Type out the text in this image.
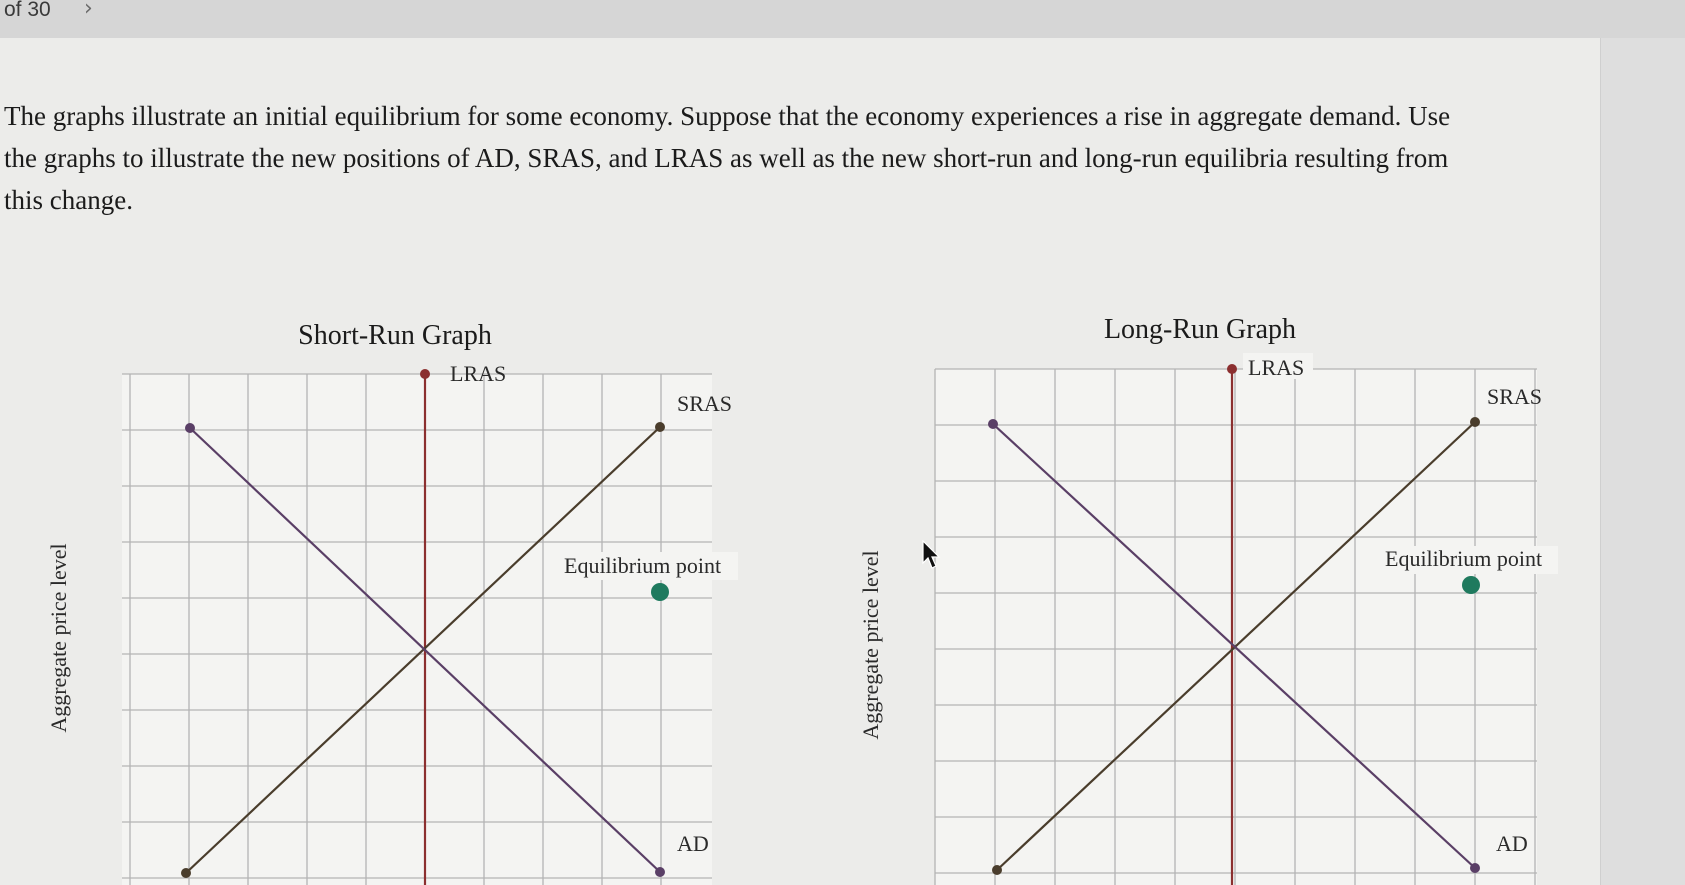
of 30 ›

The graphs illustrate an initial equilibrium for some economy. Suppose that the economy experiences a rise in aggregate demand. Use the graphs to illustrate the new positions of AD, SRAS, and LRAS as well as the new short-run and long-run equilibria resulting from this change.

Short-Run Graph
Aggregate price level
LRAS
SRAS
AD
Equilibrium point
Long-Run Graph
Aggregate price level
LRAS
SRAS
AD
Equilibrium point
